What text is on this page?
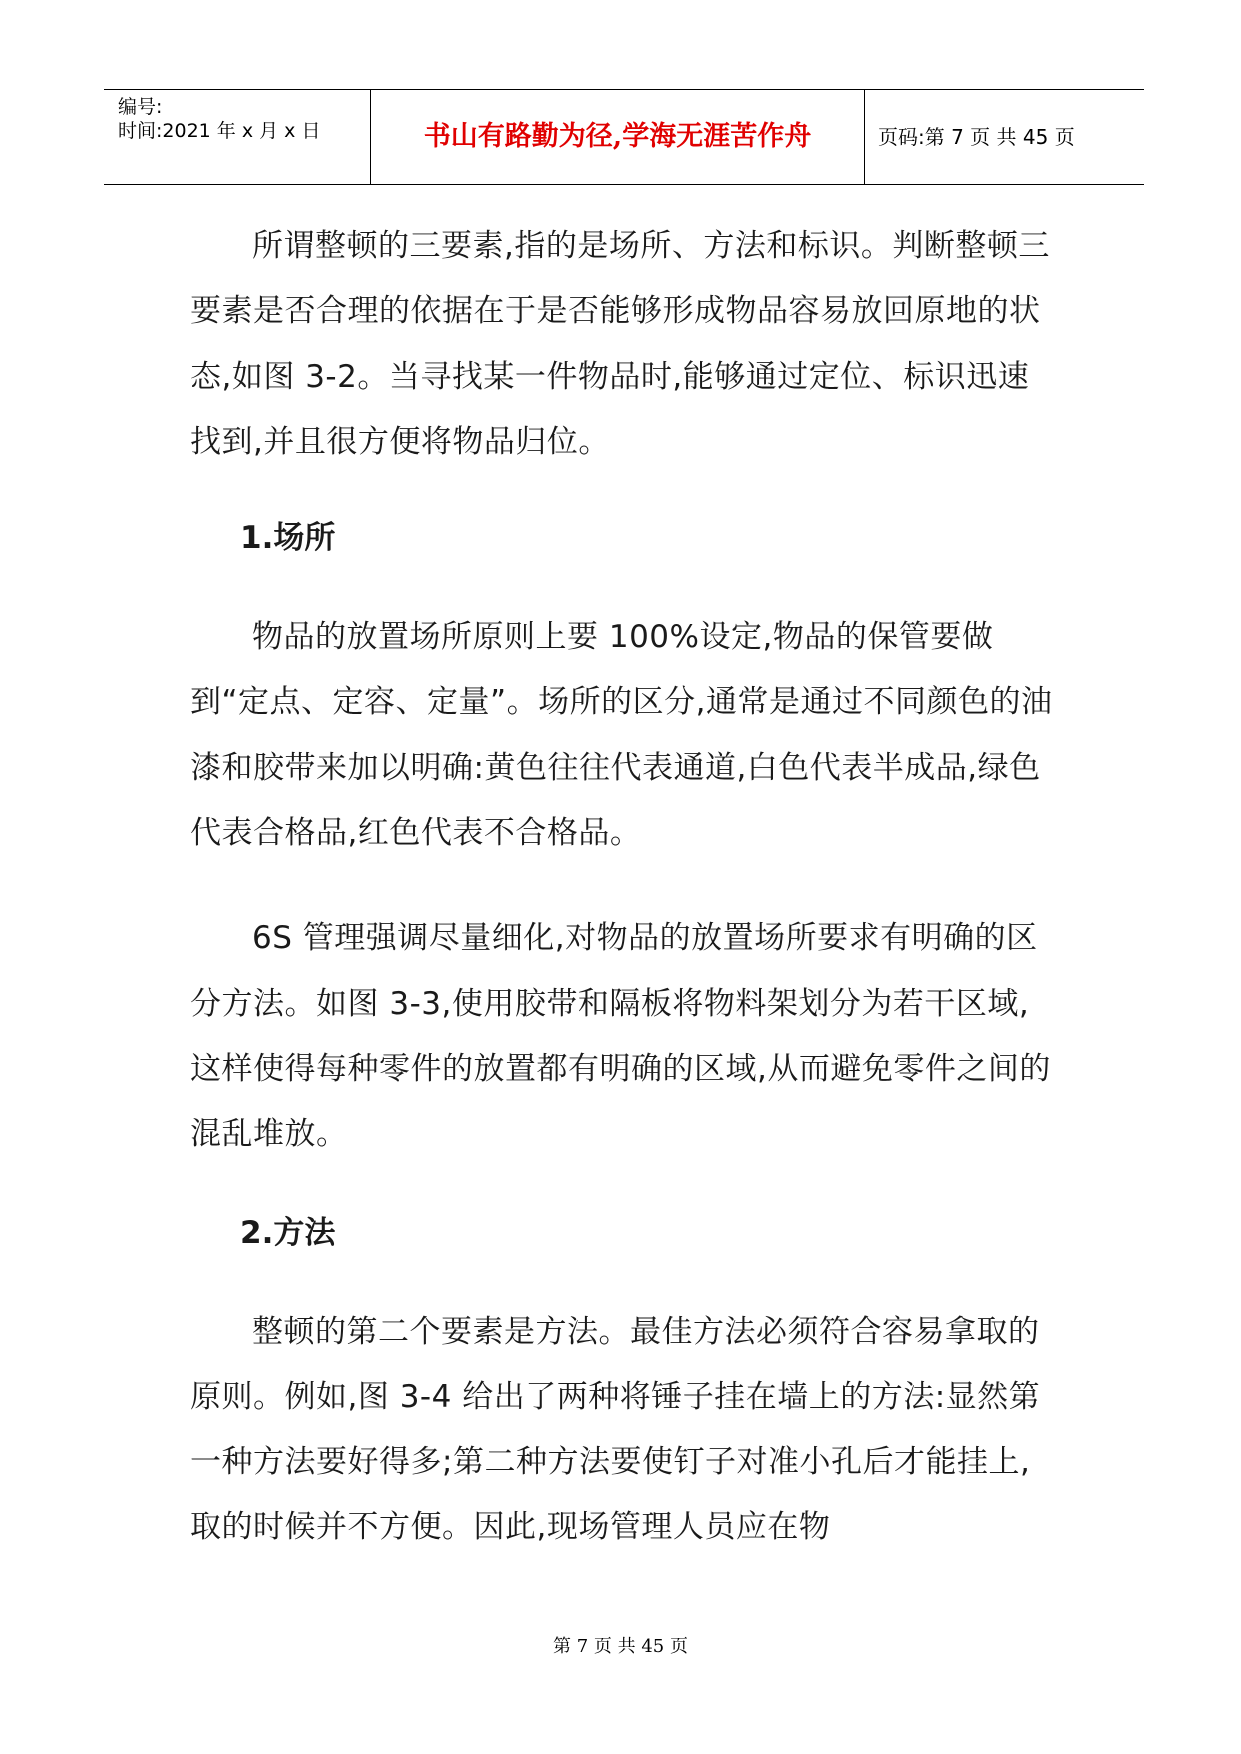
编号:
时间:2021 年 x 月 x 日	书山有路勤为径,学海无涯苦作舟	页码:第 7 页 共 45 页

所谓整顿的三要素,指的是场所、方法和标识。判断整顿三要素是否合理的依据在于是否能够形成物品容易放回原地的状态,如图 3-2。当寻找某一件物品时,能够通过定位、标识迅速找到,并且很方便将物品归位。

1.场所

物品的放置场所原则上要 100%设定,物品的保管要做到“定点、定容、定量”。场所的区分,通常是通过不同颜色的油漆和胶带来加以明确:黄色往往代表通道,白色代表半成品,绿色代表合格品,红色代表不合格品。

6S 管理强调尽量细化,对物品的放置场所要求有明确的区分方法。如图 3-3,使用胶带和隔板将物料架划分为若干区域,这样使得每种零件的放置都有明确的区域,从而避免零件之间的混乱堆放。

2.方法

整顿的第二个要素是方法。最佳方法必须符合容易拿取的原则。例如,图 3-4 给出了两种将锤子挂在墙上的方法:显然第一种方法要好得多;第二种方法要使钉子对准小孔后才能挂上,取的时候并不方便。因此,现场管理人员应在物

第 7 页 共 45 页
